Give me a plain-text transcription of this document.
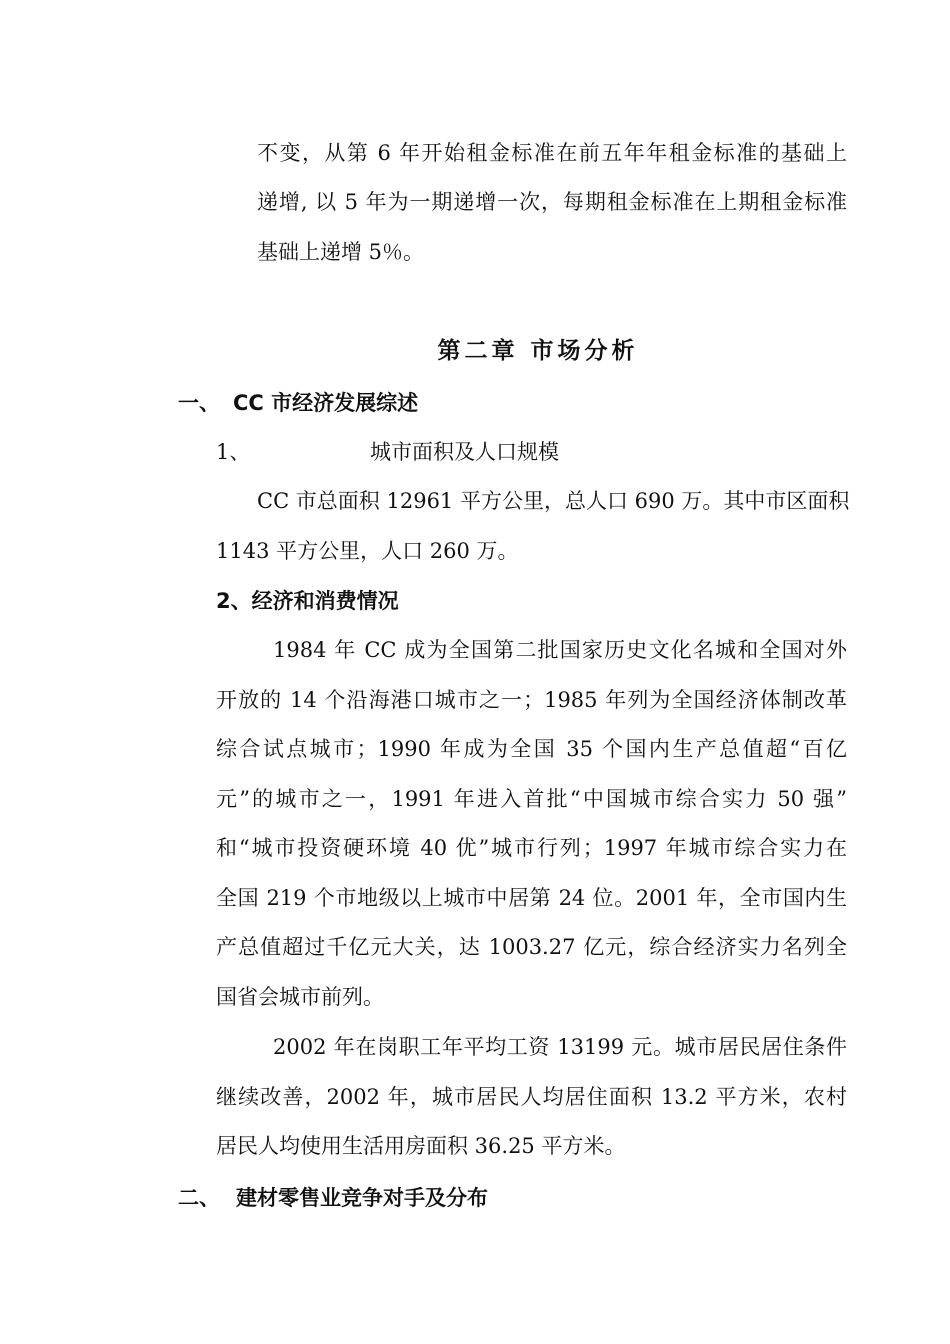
不变，从第 6 年开始租金标准在前五年年租金标准的基础上
递增, 以 5 年为一期递增一次，每期租金标准在上期租金标准
基础上递增 5％。
第二章 市场分析
一、 CC 市经济发展综述
1、	城市面积及人口规模
CC 市总面积 12961 平方公里，总人口 690 万。其中市区面积
1143 平方公里，人口 260 万。
2、经济和消费情况
1984 年 CC 成为全国第二批国家历史文化名城和全国对外
开放的 14 个沿海港口城市之一；1985 年列为全国经济体制改革
综合试点城市；1990 年成为全国 35 个国内生产总值超“百亿
元”的城市之一，1991 年进入首批“中国城市综合实力 50 强”
和“城市投资硬环境 40 优”城市行列；1997 年城市综合实力在
全国 219 个市地级以上城市中居第 24 位。2001 年，全市国内生
产总值超过千亿元大关，达 1003.27 亿元，综合经济实力名列全
国省会城市前列。
2002 年在岗职工年平均工资 13199 元。城市居民居住条件
继续改善，2002 年，城市居民人均居住面积 13.2 平方米，农村
居民人均使用生活用房面积 36.25 平方米。
二、 建材零售业竞争对手及分布
